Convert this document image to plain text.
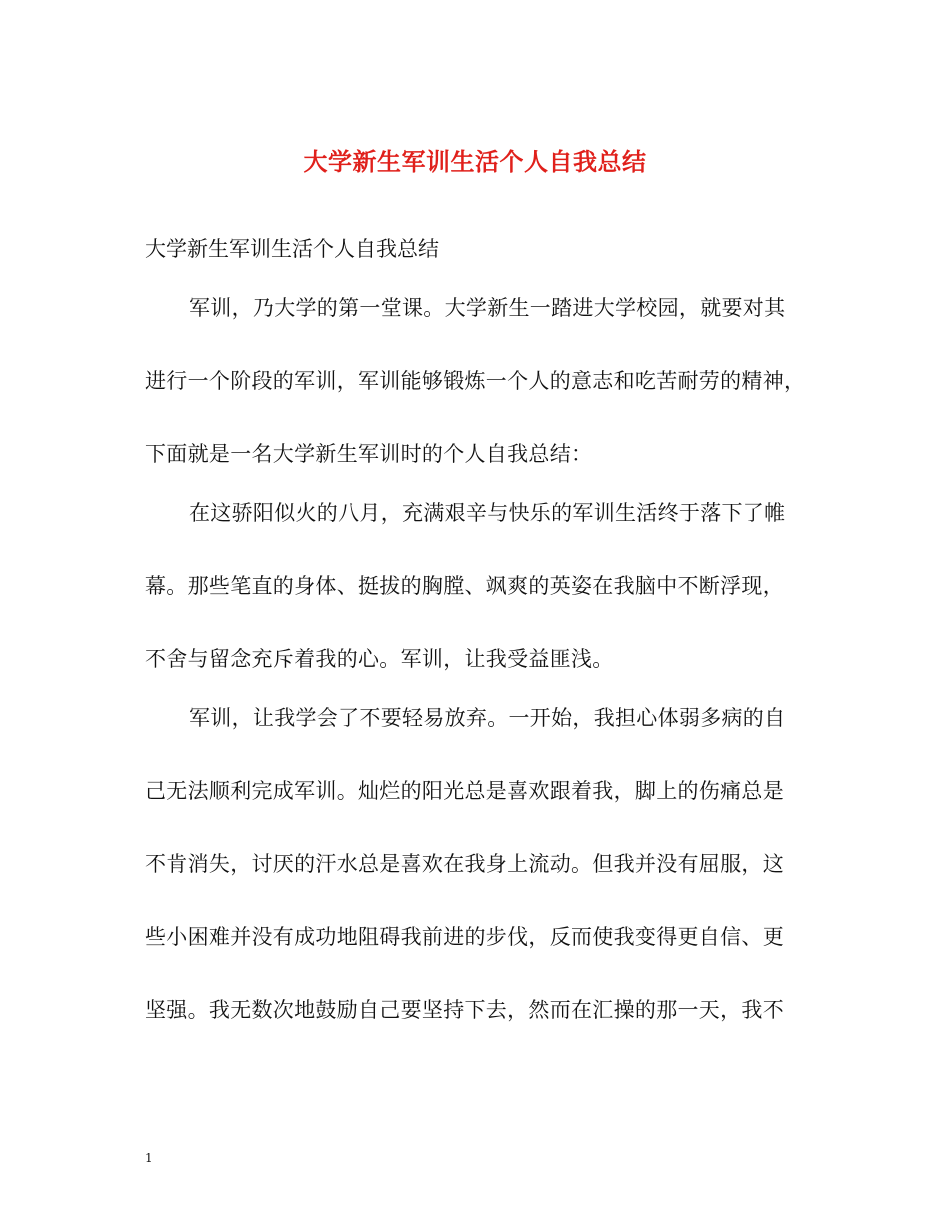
大学新生军训生活个人自我总结
大学新生军训生活个人自我总结
军训，乃大学的第一堂课。大学新生一踏进大学校园，就要对其
进行一个阶段的军训，军训能够锻炼一个人的意志和吃苦耐劳的精神，
下面就是一名大学新生军训时的个人自我总结：
在这骄阳似火的八月，充满艰辛与快乐的军训生活终于落下了帷
幕。那些笔直的身体、挺拔的胸膛、飒爽的英姿在我脑中不断浮现，
不舍与留念充斥着我的心。军训，让我受益匪浅。
军训，让我学会了不要轻易放弃。一开始，我担心体弱多病的自
己无法顺利完成军训。灿烂的阳光总是喜欢跟着我，脚上的伤痛总是
不肯消失，讨厌的汗水总是喜欢在我身上流动。但我并没有屈服，这
些小困难并没有成功地阻碍我前进的步伐，反而使我变得更自信、更
坚强。我无数次地鼓励自己要坚持下去，然而在汇操的那一天，我不
1
